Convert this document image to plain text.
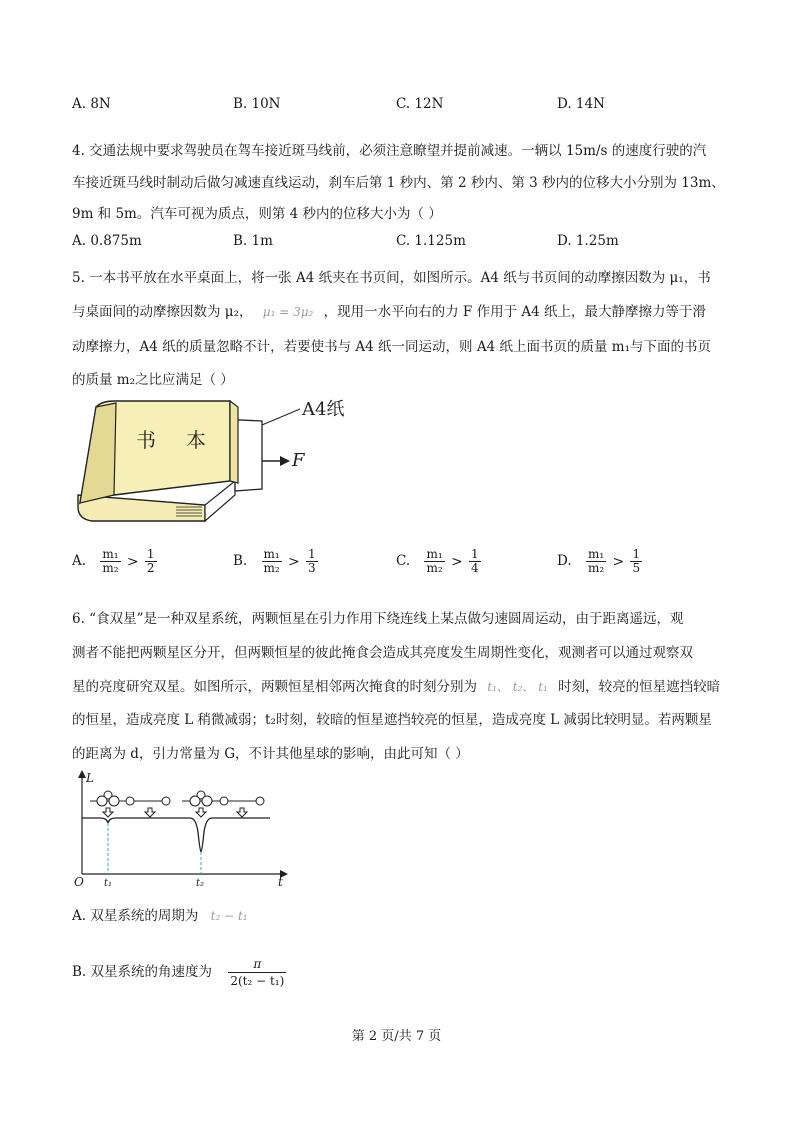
A. 8N	B. 10N	C. 12N	D. 14N
4. 交通法规中要求驾驶员在驾车接近斑马线前，必须注意瞭望并提前减速。一辆以 15m/s 的速度行驶的汽
车接近斑马线时制动后做匀减速直线运动，刹车后第 1 秒内、第 2 秒内、第 3 秒内的位移大小分别为 13m、
9m 和 5m。汽车可视为质点，则第 4 秒内的位移大小为（ ）
A. 0.875m	B. 1m	C. 1.125m	D. 1.25m
5. 一本书平放在水平桌面上，将一张 A4 纸夹在书页间，如图所示。A4 纸与书页间的动摩擦因数为 μ₁，书
与桌面间的动摩擦因数为 μ₂， μ₁ = 3μ₂ ，现用一水平向右的力 F 作用于 A4 纸上，最大静摩擦力等于滑
动摩擦力，A4 纸的质量忽略不计，若要使书与 A4 纸一同运动，则 A4 纸上面书页的质量 m₁与下面的书页
的质量 m₂之比应满足（ ）
书 本
A4纸
F
A. $\frac{\text{m₁}}{\text{m₂}} > \frac{1}{2}$	B. $\frac{\text{m₁}}{\text{m₂}} > \frac{1}{3}$	C. $\frac{\text{m₁}}{\text{m₂}} > \frac{1}{4}$	D. $\frac{\text{m₁}}{\text{m₂}} > \frac{1}{5}$
6. “食双星”是一种双星系统，两颗恒星在引力作用下绕连线上某点做匀速圆周运动，由于距离遥远，观
测者不能把两颗星区分开，但两颗恒星的彼此掩食会造成其亮度发生周期性变化，观测者可以通过观察双
星的亮度研究双星。如图所示，两颗恒星相邻两次掩食的时刻分别为 t₁、 t₂、 t₁ 时刻，较亮的恒星遮挡较暗
的恒星，造成亮度 L 稍微减弱；t₂时刻，较暗的恒星遮挡较亮的恒星，造成亮度 L 减弱比较明显。若两颗星
的距离为 d，引力常量为 G，不计其他星球的影响，由此可知（ ）
L
t
O t₁	t₂
A. 双星系统的周期为 t₂ − t₁
B. 双星系统的角速度为 $\frac{\pi}{\text{2(t₂ − t₁)}}$
第 2 页/共 7 页
